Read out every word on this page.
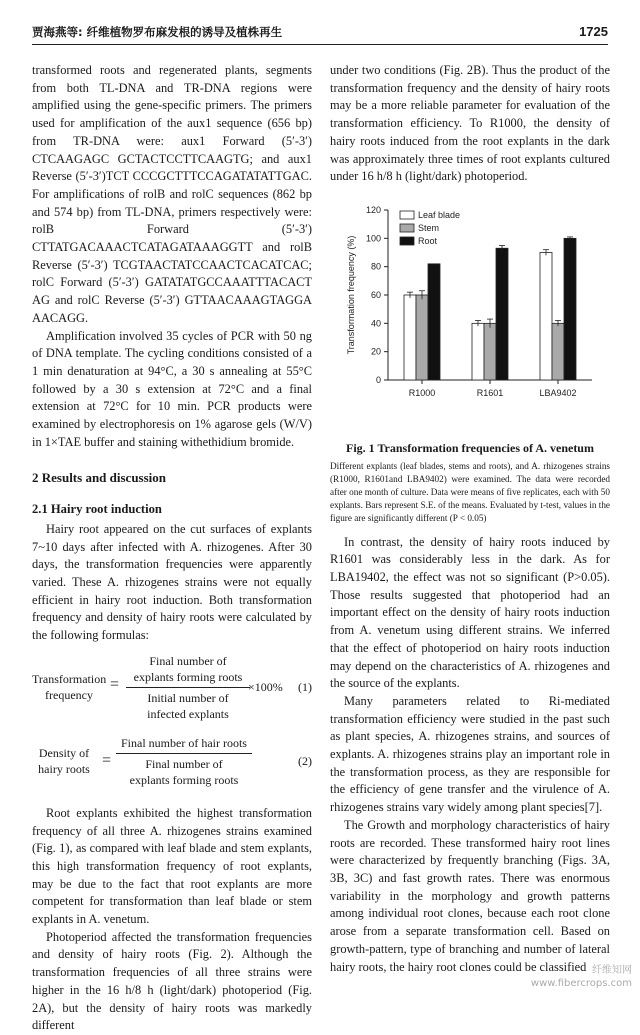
贾海燕等: 纤维植物罗布麻发根的诱导及植株再生	1725

transformed roots and regenerated plants, segments from both TL-DNA and TR-DNA regions were amplified using the gene-specific primers. The primers used for amplification of the aux1 sequence (656 bp) from TR-DNA were: aux1 Forward (5′-3′) CTCAAGAGC GCTACTCCTTCAAGTG; and aux1 Reverse (5′-3′)TCT CCCGCTTTCCAGATATATTGAC. For amplifications of rolB and rolC sequences (862 bp and 574 bp) from TL-DNA, primers respectively were: rolB Forward (5′-3′) CTTATGACAAACTCATAGATAAAGGTT and rolB Reverse (5′-3′) TCGTAACTATCCAACTCACATCAC; rolC Forward (5′-3′) GATATATGCCAAATTTACACT AG and rolC Reverse (5′-3′) GTTAACAAAGTAGGA AACAGG.

Amplification involved 35 cycles of PCR with 50 ng of DNA template. The cycling conditions consisted of a 1 min denaturation at 94°C, a 30 s annealing at 55°C followed by a 30 s extension at 72°C and a final extension at 72°C for 10 min. PCR products were examined by electrophoresis on 1% agarose gels (W/V) in 1×TAE buffer and staining withethidium bromide.

2 Results and discussion

2.1 Hairy root induction

Hairy root appeared on the cut surfaces of explants 7~10 days after infected with A. rhizogenes. After 30 days, the transformation frequencies were apparently varied. These A. rhizogenes strains were not equally efficient in hairy root induction. Both transformation frequency and density of hairy roots were calculated by the following formulas:

Transformation
frequency
=
Final number of
explants forming roots
Initial number of
infected explants
×100% (1)
Density of
hairy roots =
Final number of hair roots
Final number of
explants forming roots
(2)

Root explants exhibited the highest transformation frequency of all three A. rhizogenes strains examined (Fig. 1), as compared with leaf blade and stem explants, this high transformation frequency of root explants, may be due to the fact that root explants are more competent for transformation than leaf blade or stem explants in A. venetum.

Photoperiod affected the transformation frequencies and density of hairy roots (Fig. 2). Although the transformation frequencies of all three strains were higher in the 16 h/8 h (light/dark) photoperiod (Fig. 2A), but the density of hairy roots was markedly different

under two conditions (Fig. 2B). Thus the product of the transformation frequency and the density of hairy roots may be a more reliable parameter for evaluation of the transformation efficiency. To R1000, the density of hairy roots induced from the root explants in the dark was approximately three times of root explants cultured under 16 h/8 h (light/dark) photoperiod.

0
20
40
60
80
100
120
Transformation frequency (%)
R1000	R1601	LBA9402
Leaf blade
Stem
Root

Fig. 1 Transformation frequencies of A. venetum

Different explants (leaf blades, stems and roots), and A. rhizogenes strains (R1000, R1601and LBA9402) were examined. The data were recorded after one month of culture. Data were means of five replicates, each with 50 explants. Bars represent S.E. of the means. Evaluated by t-test, values in the figure are significantly different (P < 0.05)

In contrast, the density of hairy roots induced by R1601 was considerably less in the dark. As for LBA19402, the effect was not so significant (P>0.05). Those results suggested that photoperiod had an important effect on the density of hairy roots induction from A. venetum using different strains. We inferred that the effect of photoperiod on hairy roots induction may depend on the characteristics of A. rhizogenes and the source of the explants.

Many parameters related to Ri-mediated transformation efficiency were studied in the past such as plant species, A. rhizogenes strains, and sources of explants. A. rhizogenes strains play an important role in the transformation process, as they are responsible for the efficiency of gene transfer and the virulence of A. rhizogenes strains vary widely among plant species[7].

The Growth and morphology characteristics of hairy roots are recorded. These transformed hairy root lines were characterized by frequently branching (Figs. 3A, 3B, 3C) and fast growth rates. There was enormous variability in the morphology and growth patterns among individual root clones, because each root clone arose from a separate transformation cell. Based on growth-pattern, type of branching and number of lateral hairy roots, the hairy root clones could be classified 纤维知网
www.fibercrops.com
